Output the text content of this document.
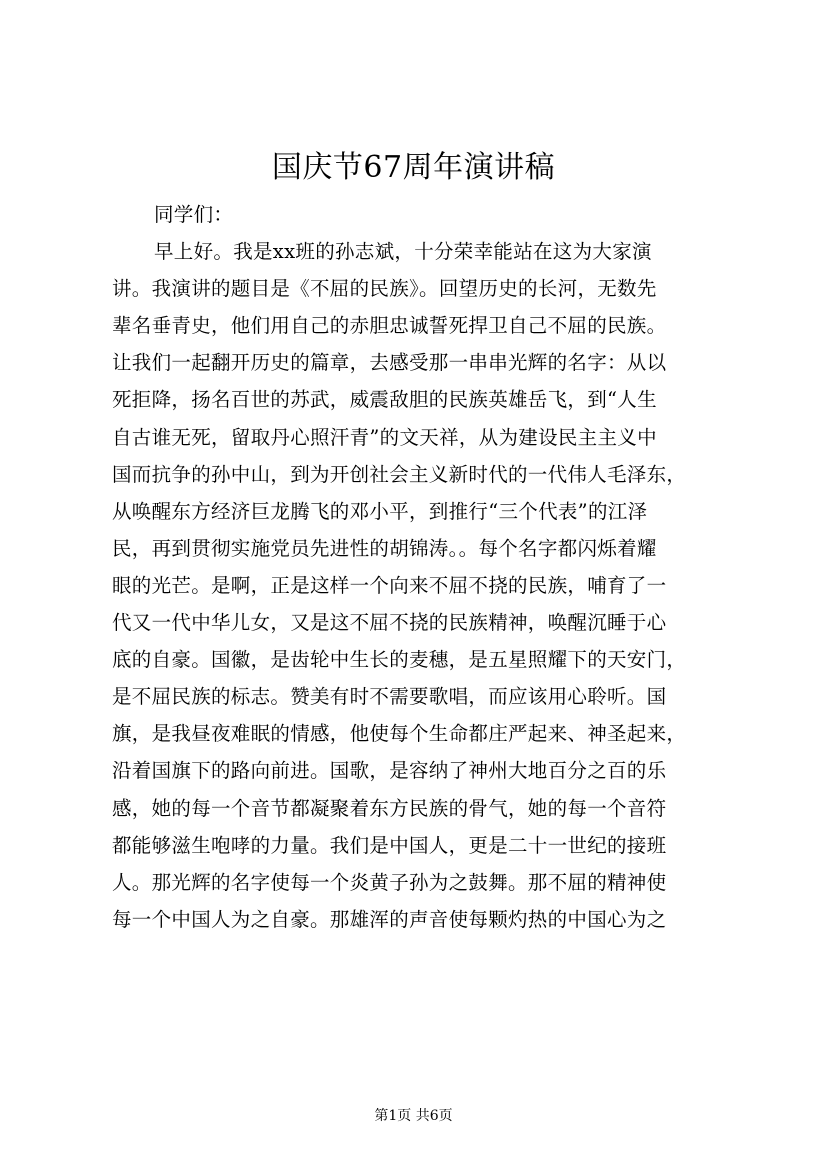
国庆节67周年演讲稿
同学们：
早上好。我是xx班的孙志斌，十分荣幸能站在这为大家演
讲。我演讲的题目是《不屈的民族》。回望历史的长河，无数先
辈名垂青史，他们用自己的赤胆忠诚誓死捍卫自己不屈的民族。
让我们一起翻开历史的篇章，去感受那一串串光辉的名字：从以
死拒降，扬名百世的苏武，威震敌胆的民族英雄岳飞，到“人生
自古谁无死，留取丹心照汗青”的文天祥，从为建设民主主义中
国而抗争的孙中山，到为开创社会主义新时代的一代伟人毛泽东，
从唤醒东方经济巨龙腾飞的邓小平，到推行“三个代表”的江泽
民，再到贯彻实施党员先进性的胡锦涛。。每个名字都闪烁着耀
眼的光芒。是啊，正是这样一个向来不屈不挠的民族，哺育了一
代又一代中华儿女，又是这不屈不挠的民族精神，唤醒沉睡于心
底的自豪。国徽，是齿轮中生长的麦穗，是五星照耀下的天安门，
是不屈民族的标志。赞美有时不需要歌唱，而应该用心聆听。国
旗，是我昼夜难眠的情感，他使每个生命都庄严起来、神圣起来，
沿着国旗下的路向前进。国歌，是容纳了神州大地百分之百的乐
感，她的每一个音节都凝聚着东方民族的骨气，她的每一个音符
都能够滋生咆哮的力量。我们是中国人，更是二十一世纪的接班
人。那光辉的名字使每一个炎黄子孙为之鼓舞。那不屈的精神使
每一个中国人为之自豪。那雄浑的声音使每颗灼热的中国心为之
第1页 共6页
